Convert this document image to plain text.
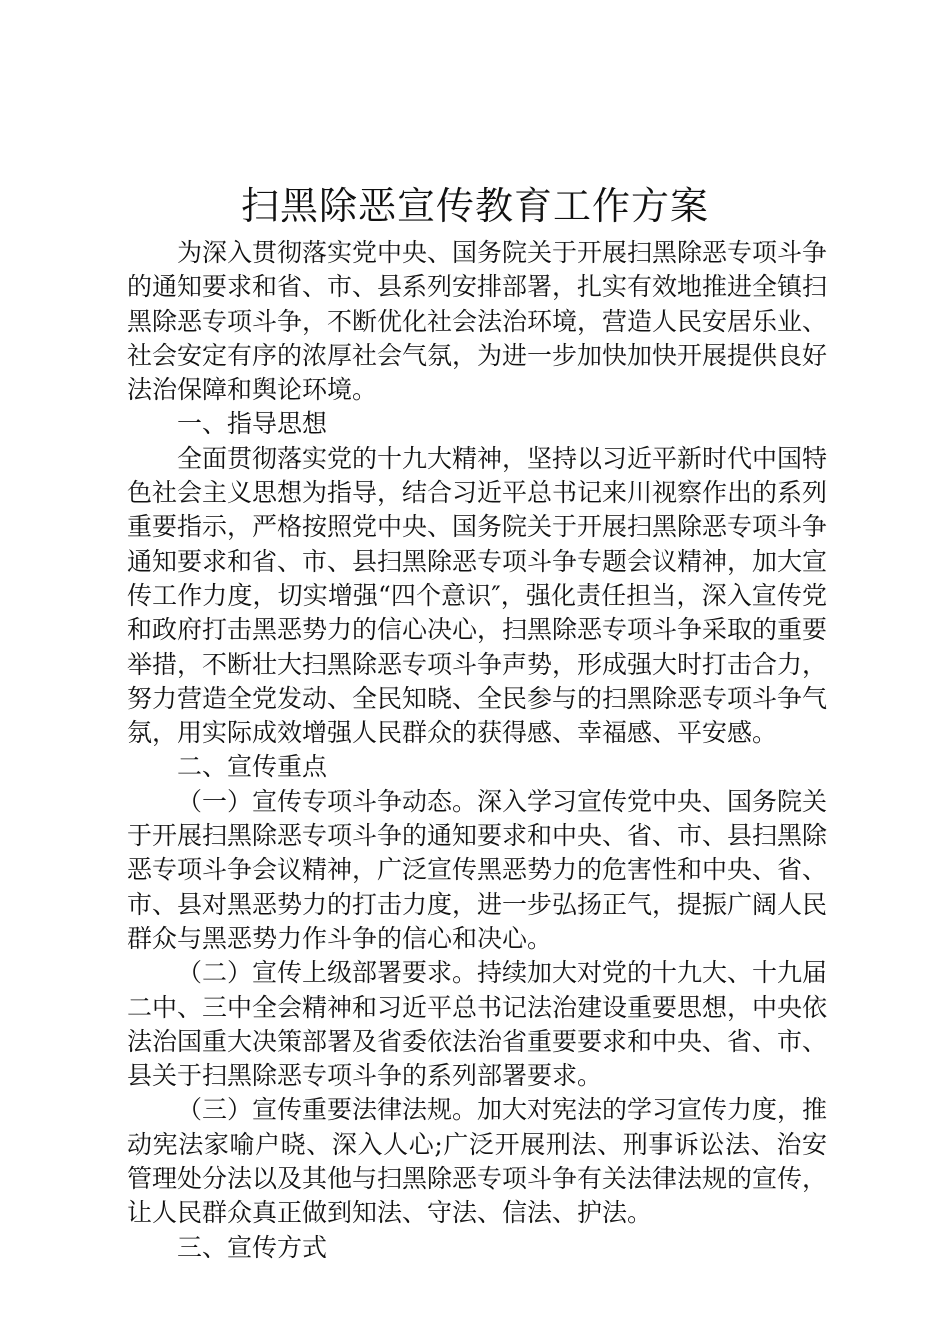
扫黑除恶宣传教育工作方案

为深入贯彻落实党中央、国务院关于开展扫黑除恶专项斗争的通知要求和省、市、县系列安排部署，扎实有效地推进全镇扫黑除恶专项斗争，不断优化社会法治环境，营造人民安居乐业、社会安定有序的浓厚社会气氛，为进一步加快加快开展提供良好法治保障和舆论环境。

一、指导思想

全面贯彻落实党的十九大精神，坚持以习近平新时代中国特色社会主义思想为指导，结合习近平总书记来川视察作出的系列重要指示，严格按照党中央、国务院关于开展扫黑除恶专项斗争通知要求和省、市、县扫黑除恶专项斗争专题会议精神，加大宣传工作力度，切实增强“四个意识″，强化责任担当，深入宣传党和政府打击黑恶势力的信心决心，扫黑除恶专项斗争采取的重要举措，不断壮大扫黑除恶专项斗争声势，形成强大时打击合力，努力营造全党发动、全民知晓、全民参与的扫黑除恶专项斗争气氛，用实际成效增强人民群众的获得感、幸福感、平安感。

二、宣传重点

（一）宣传专项斗争动态。深入学习宣传党中央、国务院关于开展扫黑除恶专项斗争的通知要求和中央、省、市、县扫黑除恶专项斗争会议精神，广泛宣传黑恶势力的危害性和中央、省、市、县对黑恶势力的打击力度，进一步弘扬正气，提振广阔人民群众与黑恶势力作斗争的信心和决心。

（二）宣传上级部署要求。持续加大对党的十九大、十九届二中、三中全会精神和习近平总书记法治建设重要思想，中央依法治国重大决策部署及省委依法治省重要要求和中央、省、市、县关于扫黑除恶专项斗争的系列部署要求。

（三）宣传重要法律法规。加大对宪法的学习宣传力度，推动宪法家喻户晓、深入人心;广泛开展刑法、刑事诉讼法、治安管理处分法以及其他与扫黑除恶专项斗争有关法律法规的宣传，让人民群众真正做到知法、守法、信法、护法。

三、宣传方式
